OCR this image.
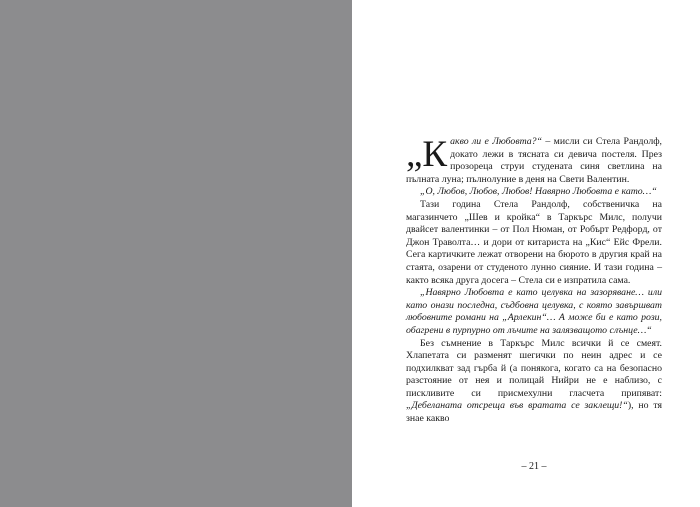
„Какво ли е Любовта?“ – мисли си Стела Рандолф, докато лежи в тясната си девича постеля. През прозореца струи студената синя светлина на пълната луна; пълнолуние в деня на Свети Валентин.

„О, Любов, Любов, Любов! Навярно Любовта е като…“

Тази година Стела Рандолф, собственичка на магазинчето „Шев и кройка“ в Таркърс Милс, получи двайсет валентинки – от Пол Нюман, от Робърт Редфорд, от Джон Траволта… и дори от китариста на „Кис“ Ейс Фрели. Сега картичките лежат отворени на бюрото в другия край на стаята, озарени от студеното лунно сияние. И тази година – както всяка друга досега – Стела си е изпратила сама.

„Навярно Любовта е като целувка на зазоряване… или като онази последна, съдбовна целувка, с която завършват любовните романи на „Арлекин“… А може би е като рози, обагрени в пурпурно от лъчите на залязващото слънце…“

Без съмнение в Таркърс Милс всички й се смеят. Хлапетата си разменят шегички по неин адрес и се подхилкват зад гърба й (а понякога, когато са на безопасно разстояние от нея и полицай Нийри не е наблизо, с пискливите си присмехулни гласчета припяват: „Дебеланата отсреща във вратата се заклещи!“), но тя знае какво

– 21 –
